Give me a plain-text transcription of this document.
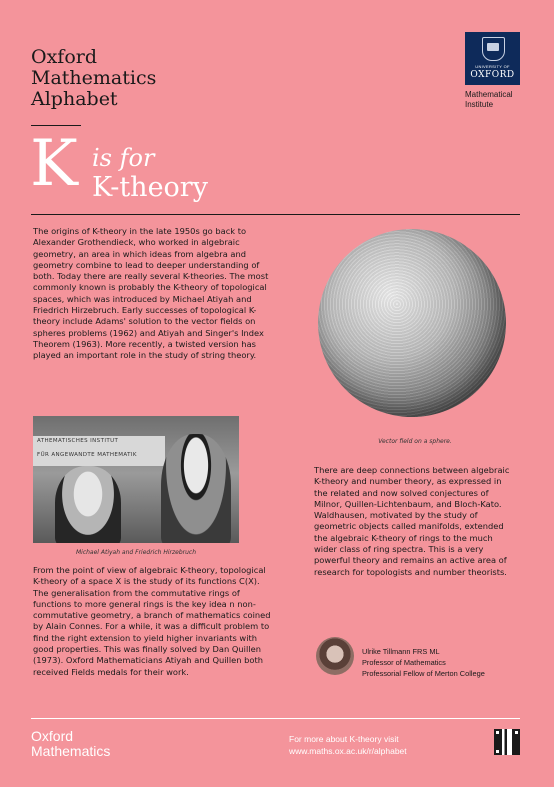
Oxford
Mathematics
Alphabet
K is for
K-theory
UNIVERSITY OF
OXFORD
Mathematical
Institute
The origins of K-theory in the late 1950s go back to Alexander Grothendieck, who worked in algebraic geometry, an area in which ideas from algebra and geometry combine to lead to deeper understanding of both. Today there are really several K-theories. The most commonly known is probably the K-theory of topological spaces, which was introduced by Michael Atiyah and Friedrich Hirzebruch. Early successes of topological K-theory include Adams' solution to the vector fields on spheres problems (1962) and Atiyah and Singer's Index Theorem (1963). More recently, a twisted version has played an important role in the study of string theory.
Vector field on a sphere.
ATHEMATISCHES INSTITUT
FÜR ANGEWANDTE MATHEMATIK
Michael Atiyah and Friedrich Hirzebruch
From the point of view of algebraic K-theory, topological K-theory of a space X is the study of its functions C(X). The generalisation from the commutative rings of functions to more general rings is the key idea n non-commutative geometry, a branch of mathematics coined by Alain Connes. For a while, it was a difficult problem to find the right extension to yield higher invariants with good properties. This was finally solved by Dan Quillen (1973). Oxford Mathematicians Atiyah and Quillen both received Fields medals for their work.
There are deep connections between algebraic K-theory and number theory, as expressed in the related and now solved conjectures of Milnor, Quillen-Lichtenbaum, and Bloch-Kato. Waldhausen, motivated by the study of geometric objects called manifolds, extended the algebraic K-theory of rings to the much wider class of ring spectra. This is a very powerful theory and remains an active area of research for topologists and number theorists.
Ulrike Tillmann FRS ML
Professor of Mathematics
Professorial Fellow of Merton College
Oxford
Mathematics
For more about K-theory visit
www.maths.ox.ac.uk/r/alphabet
